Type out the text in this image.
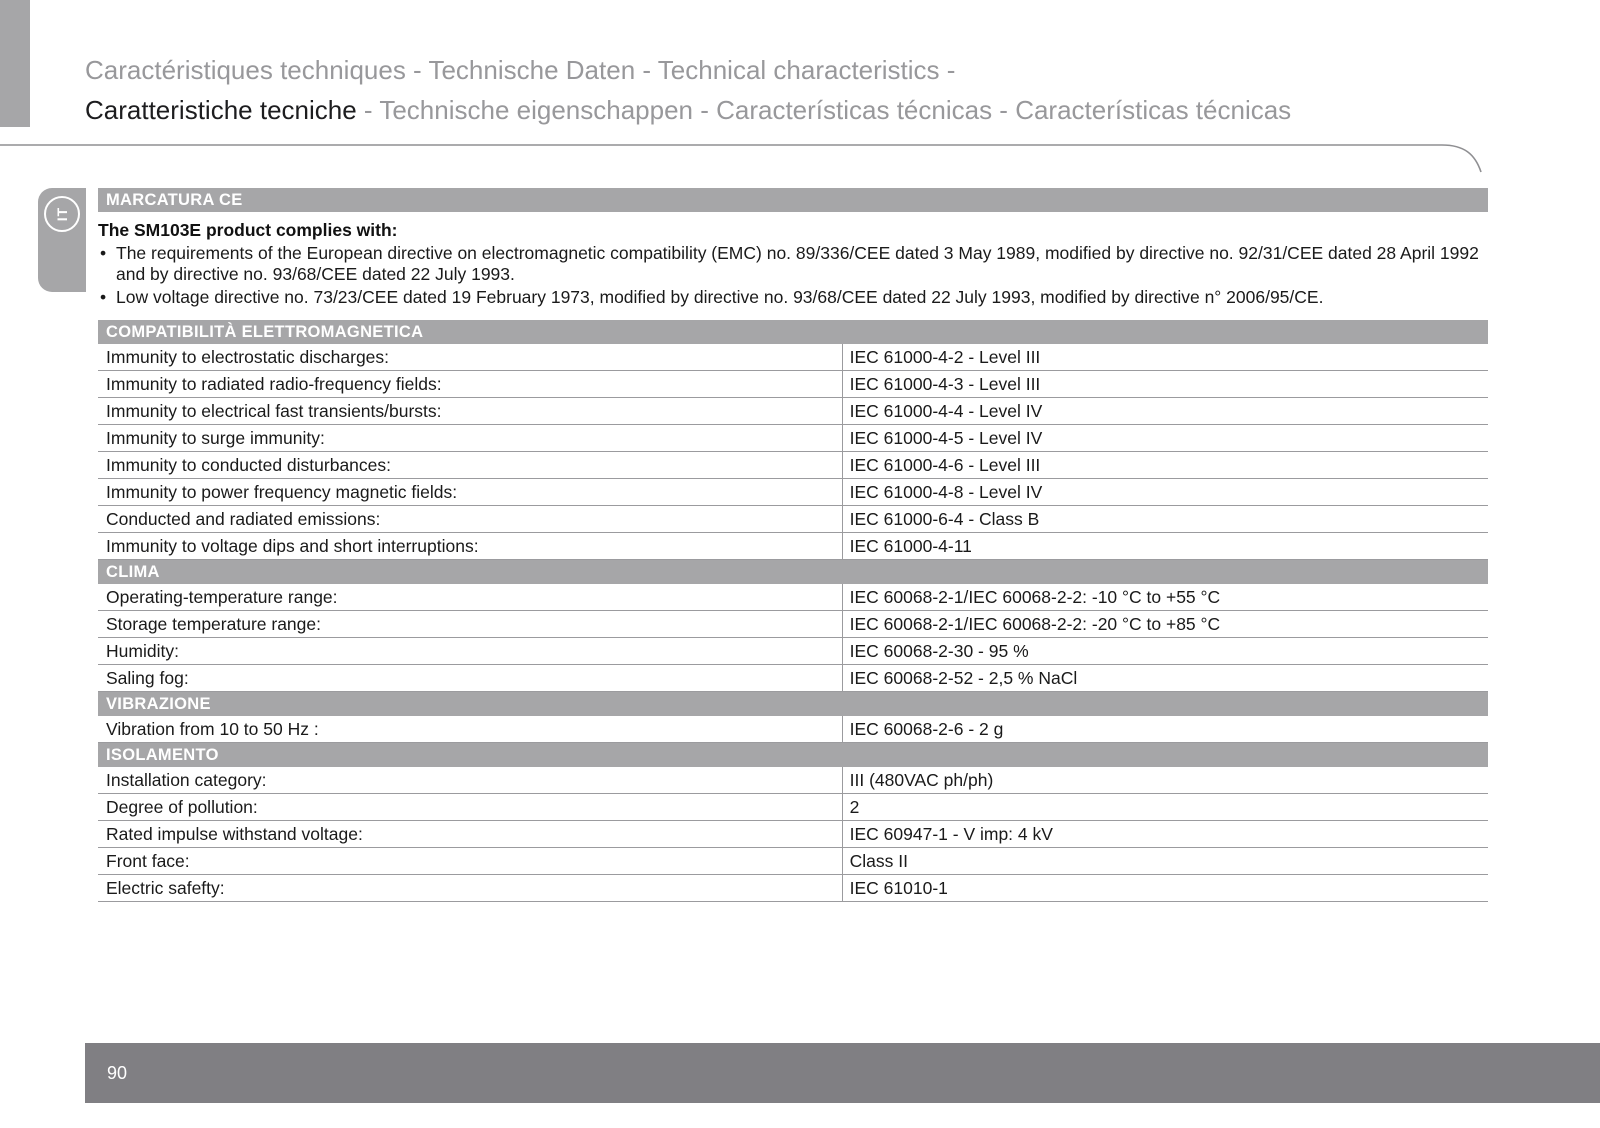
Caractéristiques techniques - Technische Daten - Technical characteristics -
Caratteristiche tecniche - Technische eigenschappen - Características técnicas - Características técnicas
IT
MARCATURA CE
The SM103E product complies with:
• The requirements of the European directive on electromagnetic compatibility (EMC) no. 89/336/CEE dated 3 May 1989, modified by directive no. 92/31/CEE dated 28 April 1992 and by directive no. 93/68/CEE dated 22 July 1993.
• Low voltage directive no. 73/23/CEE dated 19 February 1973, modified by directive no. 93/68/CEE dated 22 July 1993, modified by directive n° 2006/95/CE.
COMPATIBILITÀ ELETTROMAGNETICA
Immunity to electrostatic discharges:	IEC 61000-4-2 - Level III
Immunity to radiated radio-frequency fields:	IEC 61000-4-3 - Level III
Immunity to electrical fast transients/bursts:	IEC 61000-4-4 - Level IV
Immunity to surge immunity:	IEC 61000-4-5 - Level IV
Immunity to conducted disturbances:	IEC 61000-4-6 - Level III
Immunity to power frequency magnetic fields:	IEC 61000-4-8 - Level IV
Conducted and radiated emissions:	IEC 61000-6-4 - Class B
Immunity to voltage dips and short interruptions:	IEC 61000-4-11
CLIMA
Operating-temperature range:	IEC 60068-2-1/IEC 60068-2-2: -10 °C to +55 °C
Storage temperature range:	IEC 60068-2-1/IEC 60068-2-2: -20 °C to +85 °C
Humidity:	IEC 60068-2-30 - 95 %
Saling fog:	IEC 60068-2-52 - 2,5 % NaCl
VIBRAZIONE
Vibration from 10 to 50 Hz :	IEC 60068-2-6 - 2 g
ISOLAMENTO
Installation category:	III (480VAC ph/ph)
Degree of pollution:	2
Rated impulse withstand voltage:	IEC 60947-1 - V imp: 4 kV
Front face:	Class II
Electric safefty:	IEC 61010-1
90
